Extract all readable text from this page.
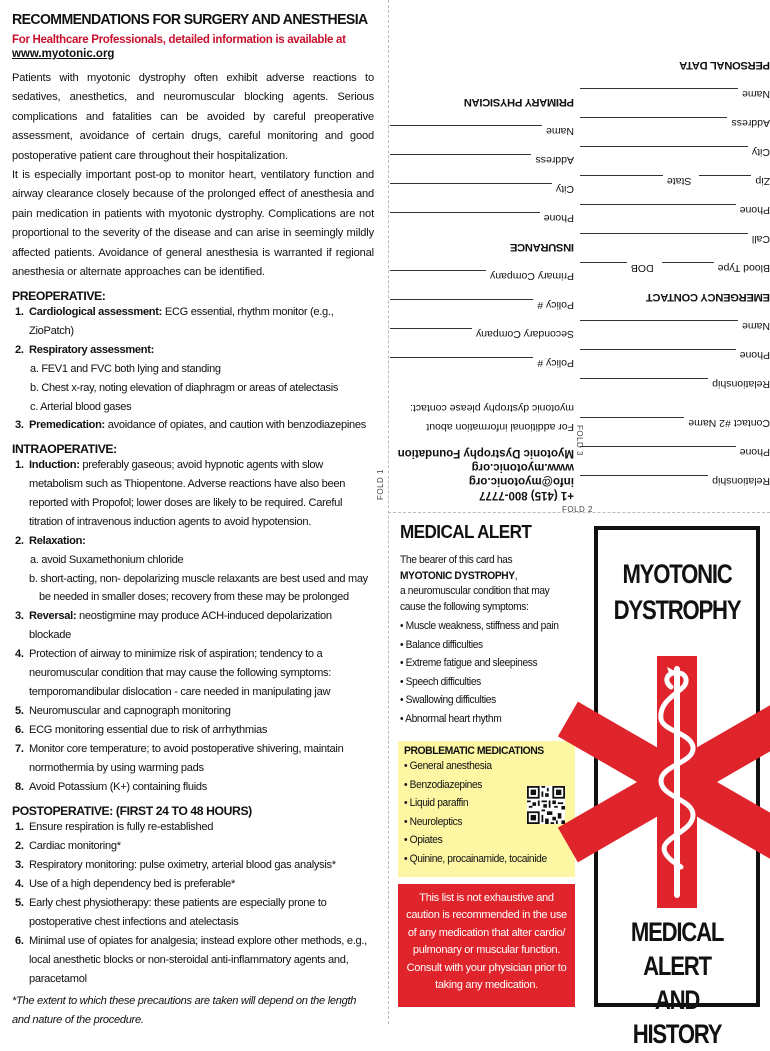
RECOMMENDATIONS FOR SURGERY AND ANESTHESIA
For Healthcare Professionals, detailed information is available at
www.myotonic.org

Patients with myotonic dystrophy often exhibit adverse reactions to sedatives, anesthetics, and neuromuscular blocking agents. Serious complications and fatalities can be avoided by careful preoperative assessment, avoidance of certain drugs, careful monitoring and good postoperative patient care throughout their hospitalization.

It is especially important post-op to monitor heart, ventilatory function and airway clearance closely because of the prolonged effect of anesthesia and pain medication in patients with myotonic dystrophy. Complications are not proportional to the severity of the disease and can arise in seemingly mildly affected patients. Avoidance of general anesthesia is warranted if regional anesthesia or alternate approaches can be identified.

PREOPERATIVE:
1. Cardiological assessment: ECG essential, rhythm monitor (e.g., ZioPatch)
2. Respiratory assessment:
a. FEV1 and FVC both lying and standing
b. Chest x-ray, noting elevation of diaphragm or areas of atelectasis
c. Arterial blood gases
3. Premedication: avoidance of opiates, and caution with benzodiazepines
INTRAOPERATIVE:
1. Induction: preferably gaseous; avoid hypnotic agents with slow metabolism such as Thiopentone. Adverse reactions have also been reported with Propofol; lower doses are likely to be required. Careful titration of intravenous induction agents to avoid hypotension.
2. Relaxation:
a. avoid Suxamethonium chloride
b. short-acting, non- depolarizing muscle relaxants are best used and may be needed in smaller doses; recovery from these may be prolonged
3. Reversal: neostigmine may produce ACH-induced depolarization blockade
4. Protection of airway to minimize risk of aspiration; tendency to a neuromuscular condition that may cause the following symptoms: temporomandibular dislocation - care needed in manipulating jaw
5. Neuromuscular and capnograph monitoring
6. ECG monitoring essential due to risk of arrhythmias
7. Monitor core temperature; to avoid postoperative shivering, maintain normothermia by using warming pads
8. Avoid Potassium (K+) containing fluids
POSTOPERATIVE: (FIRST 24 TO 48 HOURS)
1. Ensure respiration is fully re-established
2. Cardiac monitoring*
3. Respiratory monitoring: pulse oximetry, arterial blood gas analysis*
4. Use of a high dependency bed is preferable*
5. Early chest physiotherapy: these patients are especially prone to postoperative chest infections and atelectasis
6. Minimal use of opiates for analgesia; instead explore other methods, e.g., local anesthetic blocks or non-steroidal anti-inflammatory agents and, paracetamol
*The extent to which these precautions are taken will depend on the length and nature of the procedure.
FOLD 1
FOLD 2
FOLD 3
Relationship
Phone
Contact #2 Name
Relationship
Phone
Name
EMERGENCY CONTACT
Blood Type
DOB
Call
Phone
Zip
State
City
Address
Name
PERSONAL DATA
+1 (415) 800-7777
info@myotonic.org
www.myotonic.org
Myotonic Dystrophy Foundation
For additional information about myotonic dystrophy please contact:
Policy #
Secondary Company
Policy #
Primary Company
INSURANCE
Phone
City
Address
Name
PRIMARY PHYSICIAN
MEDICAL ALERT
The bearer of this card has
MYOTONIC DYSTROPHY,
a neuromuscular condition that may cause the following symptoms:
• Muscle weakness, stiffness and pain
• Balance difficulties
• Extreme fatigue and sleepiness
• Speech difficulties
• Swallowing difficulties
• Abnormal heart rhythm
PROBLEMATIC MEDICATIONS
• General anesthesia
• Benzodiazepines
• Liquid paraffin
• Neuroleptics
• Opiates
• Quinine, procainamide, tocainide
This list is not exhaustive and caution is recommended in the use of any medication that alter cardio/ pulmonary or muscular function. Consult with your physician prior to taking any medication.
MYOTONIC
DYSTROPHY
MEDICAL ALERT
AND HISTORY
